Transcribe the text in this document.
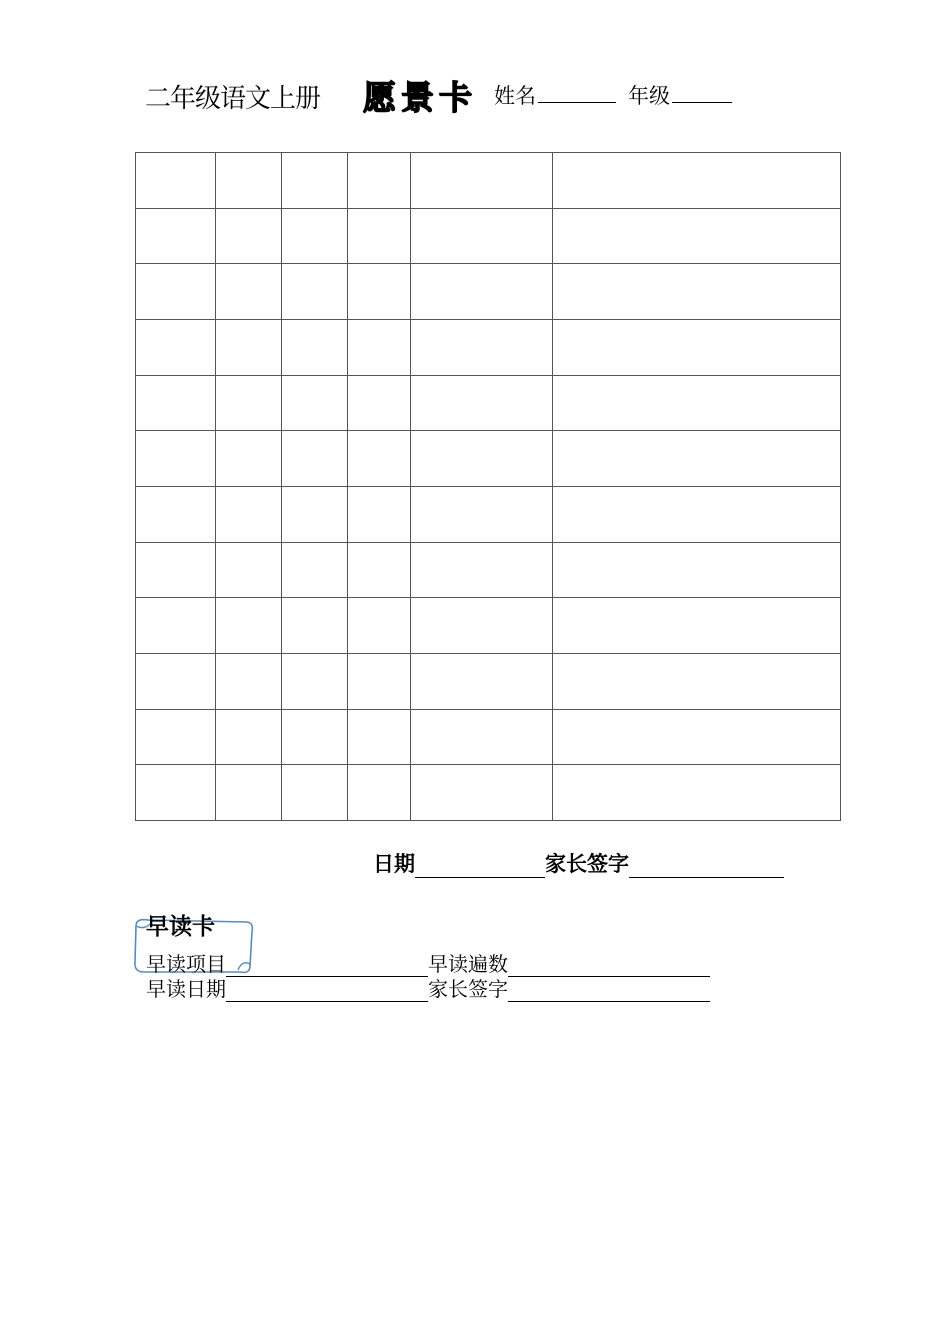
二年级语文上册 愿景卡 姓名	年级

日期	家长签字
早读卡
早读项目	早读遍数
早读日期	家长签字
